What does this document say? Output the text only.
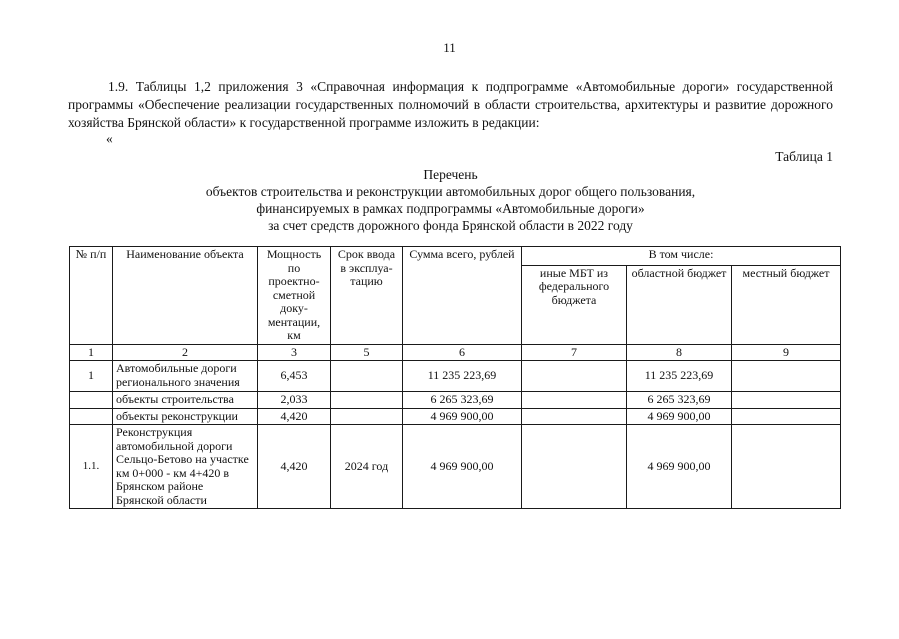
11
1.9. Таблицы 1,2 приложения 3 «Справочная информация к подпрограмме «Автомобильные дороги» государственной программы «Обеспечение реализации государственных полномочий в области строительства, архитектуры и развитие дорожного хозяйства Брянской области» к государственной программе изложить в редакции:
«
Таблица 1
Перечень
объектов строительства и реконструкции автомобильных дорог общего пользования,
финансируемых в рамках подпрограммы «Автомобильные дороги»
за счет средств дорожного фонда Брянской области в 2022 году
№ п/п	Наименование объекта	Мощность по проектно-сметной доку-ментации, км	Срок ввода в эксплуа-тацию	Сумма всего, рублей	В том числе:		
					иные МБТ из федерального бюджета	областной бюджет	местный бюджет
1	2	3	5	6	7	8	9
1	Автомобильные дороги регионального значения	6,453		11 235 223,69		11 235 223,69	
	объекты строительства	2,033		6 265 323,69		6 265 323,69	
	объекты реконструкции	4,420		4 969 900,00		4 969 900,00	
1.1.	Реконструкция автомобильной дороги Сельцо-Бетово на участке км 0+000 - км 4+420 в Брянском районе Брянской области	4,420	2024 год	4 969 900,00		4 969 900,00	
